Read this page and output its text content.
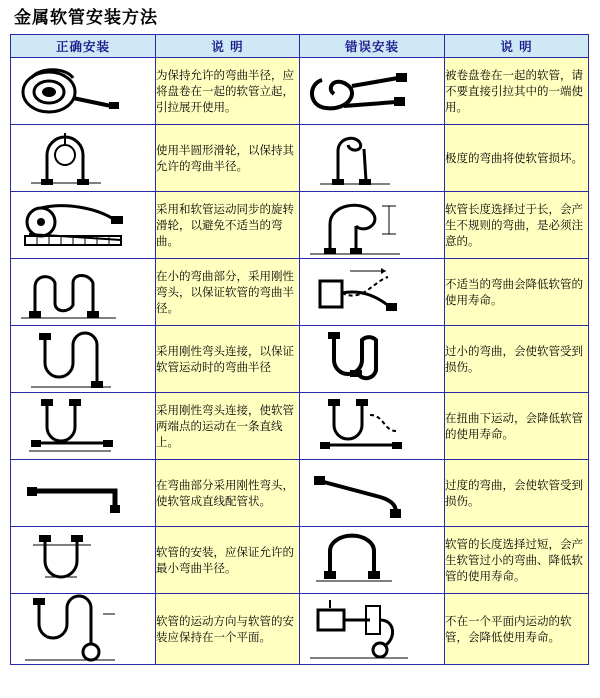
金属软管安装方法
正确安装	说 明	错误安装	说 明

	为保持允许的弯曲半径，应将盘卷在一起的软管立起，引拉展开使用。		被卷盘卷在一起的软管，请不要直接引拉其中的一端使用。

	使用半圆形滑轮，以保持其允许的弯曲半径。		极度的弯曲将使软管损坏。

	采用和软管运动同步的旋转滑轮，以避免不适当的弯曲。		软管长度选择过于长，会产生不规则的弯曲，是必须注意的。

	在小的弯曲部分，采用刚性弯头，以保证软管的弯曲半径。		不适当的弯曲会降低软管的使用寿命。

	采用刚性弯头连接，以保证软管运动时的弯曲半径		过小的弯曲，会使软管受到损伤。

	采用刚性弯头连接，使软管两端点的运动在一条直线上。		在扭曲下运动，会降低软管的使用寿命。

	在弯曲部分采用刚性弯头，使软管成直线配管状。		过度的弯曲，会使软管受到损伤。

	软管的安装，应保证允许的最小弯曲半径。		软管的长度选择过短，会产生软管过小的弯曲、降低软管的使用寿命。

	软管的运动方向与软管的安装应保持在一个平面。		不在一个平面内运动的软管，会降低使用寿命。
